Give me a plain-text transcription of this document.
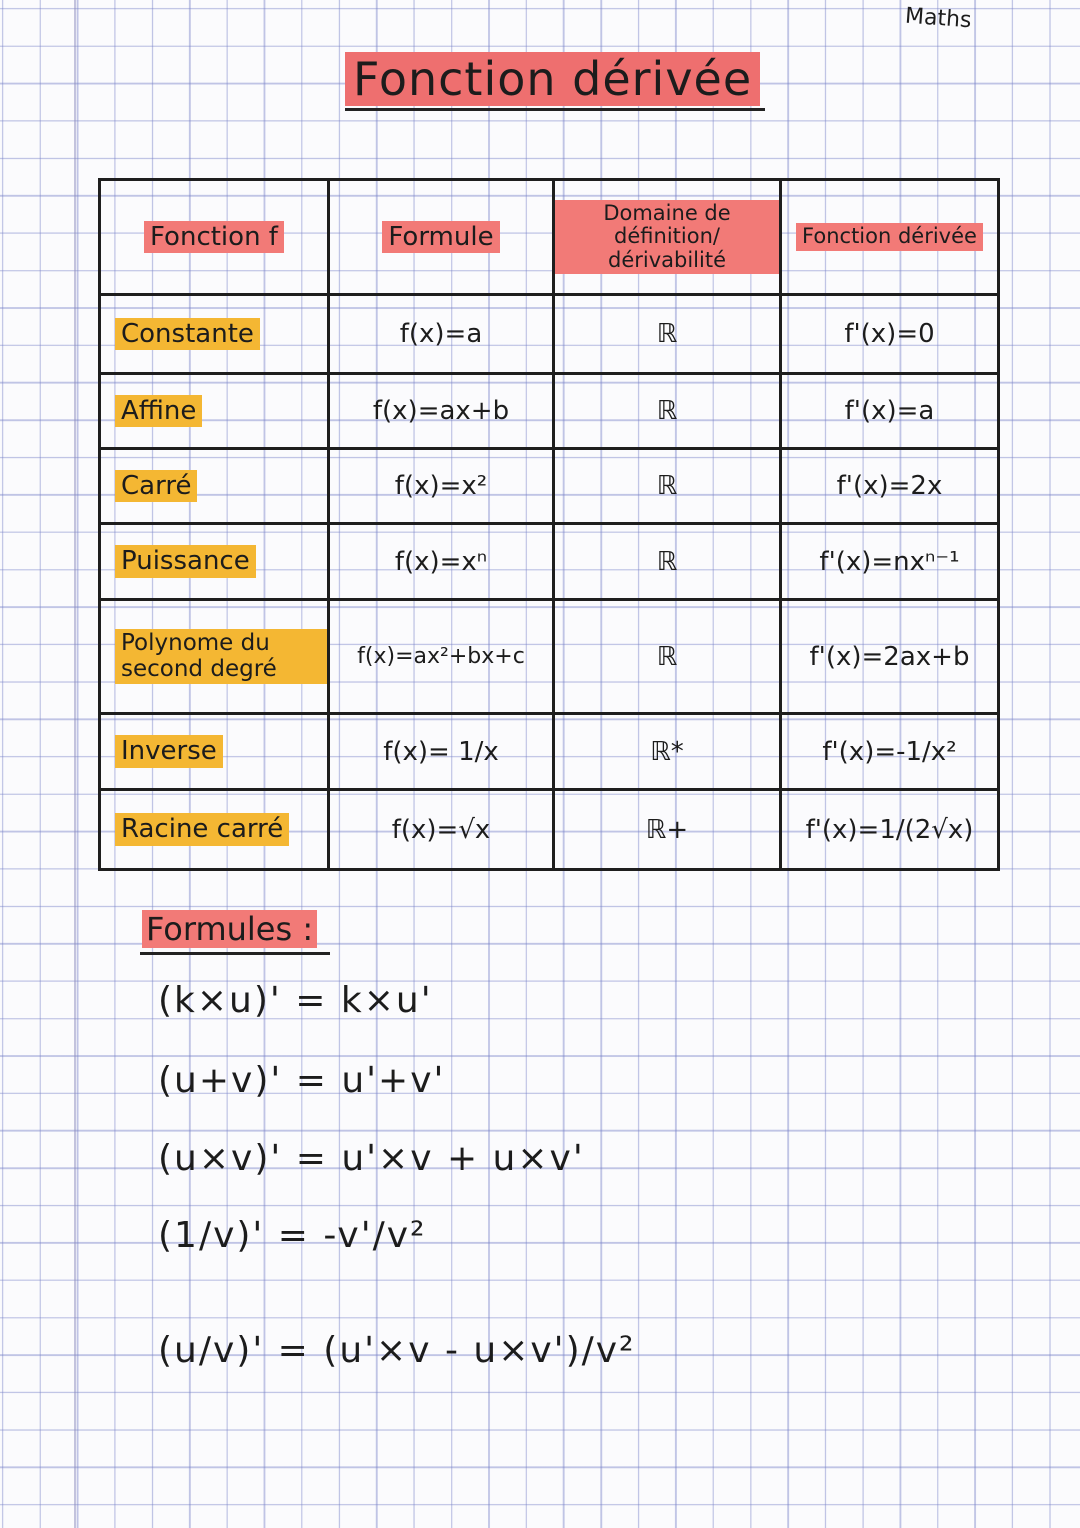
Maths
Fonction dérivée
Fonction f	Formule	Domaine de définition/ dérivabilité	Fonction dérivée
Constante	f(x)=a	ℝ	f'(x)=0
Affine	f(x)=ax+b	ℝ	f'(x)=a
Carré	f(x)=x²	ℝ	f'(x)=2x
Puissance	f(x)=xⁿ	ℝ	f'(x)=nxⁿ⁻¹
Polynome du second degré	f(x)=ax²+bx+c	ℝ	f'(x)=2ax+b
Inverse	f(x)= 1/x	ℝ*	f'(x)=-1/x²
Racine carré	f(x)=√x	ℝ+	f'(x)=1/(2√x)
Formules :
(k×u)' = k×u'
(u+v)' = u'+v'
(u×v)' = u'×v + u×v'
(1/v)' = -v'/v²
(u/v)' = (u'×v - u×v')/v²
